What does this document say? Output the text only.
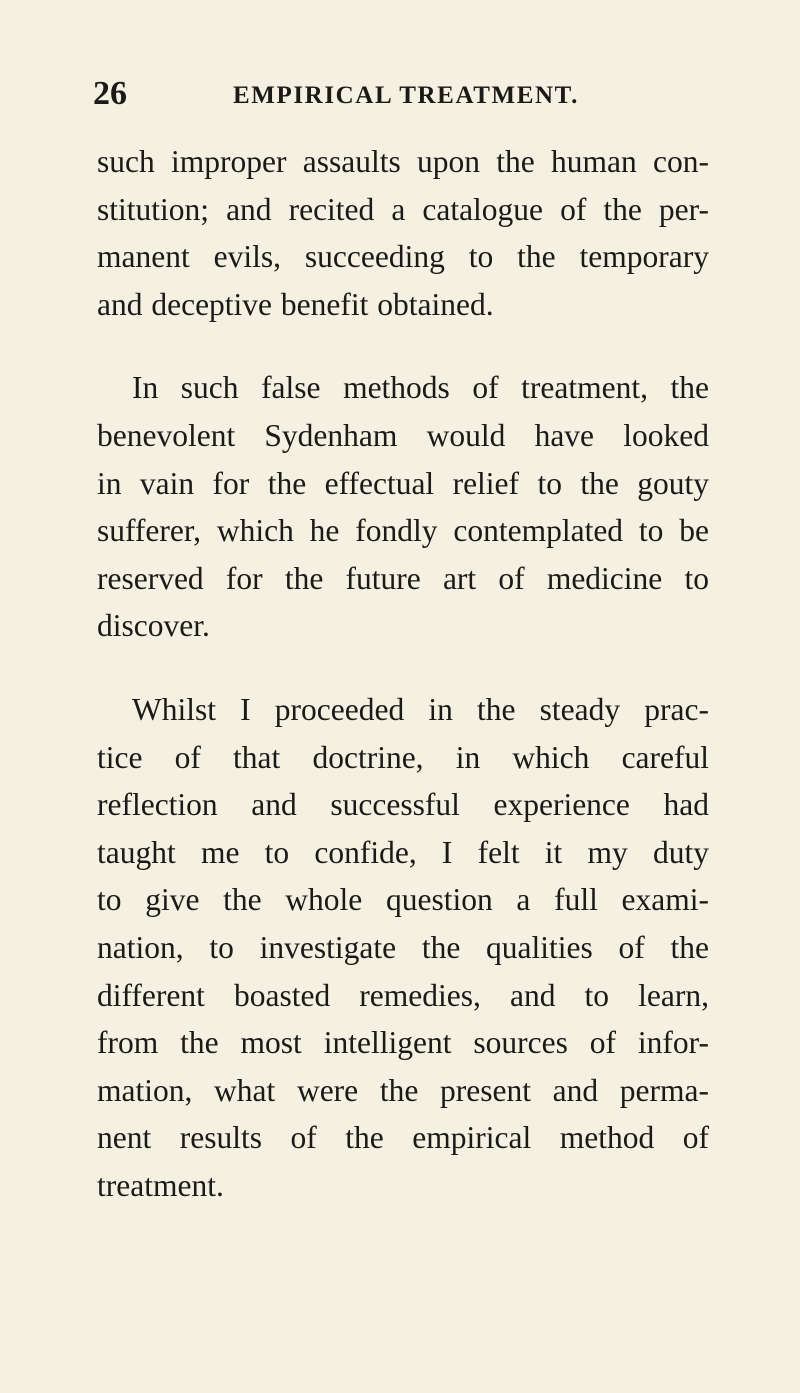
26	EMPIRICAL TREATMENT.

such improper assaults upon the human con-
stitution; and recited a catalogue of the per-
manent evils, succeeding to the temporary
and deceptive benefit obtained.

In such false methods of treatment, the
benevolent Sydenham would have looked
in vain for the effectual relief to the gouty
sufferer, which he fondly contemplated to be
reserved for the future art of medicine to
discover.

Whilst I proceeded in the steady prac-
tice of that doctrine, in which careful
reflection and successful experience had
taught me to confide, I felt it my duty
to give the whole question a full exami-
nation, to investigate the qualities of the
different boasted remedies, and to learn,
from the most intelligent sources of infor-
mation, what were the present and perma-
nent results of the empirical method of
treatment.
